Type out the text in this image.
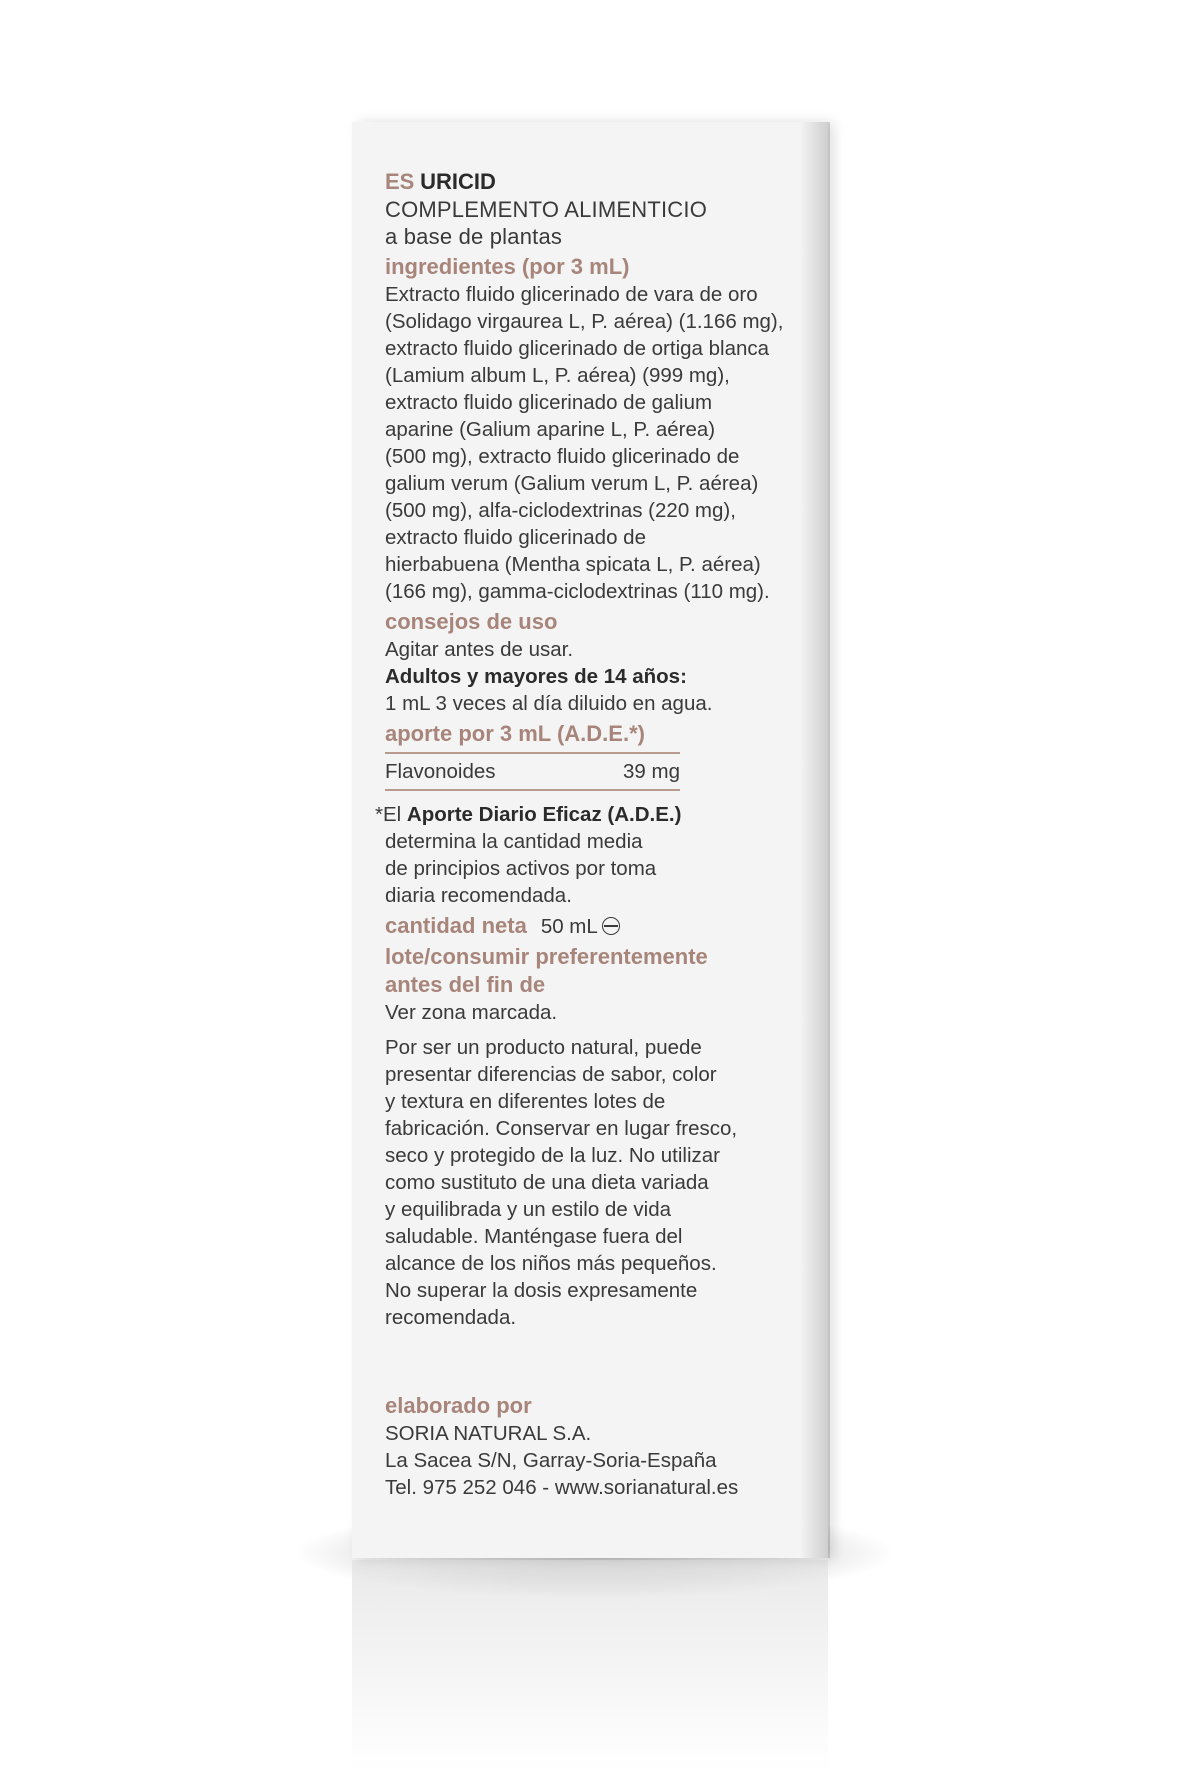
ES URICID
COMPLEMENTO ALIMENTICIO
a base de plantas
ingredientes (por 3 mL)

Extracto fluido glicerinado de vara de oro

(Solidago virgaurea L, P. aérea) (1.166 mg),

extracto fluido glicerinado de ortiga blanca

(Lamium album L, P. aérea) (999 mg),

extracto fluido glicerinado de galium

aparine (Galium aparine L, P. aérea)

(500 mg), extracto fluido glicerinado de

galium verum (Galium verum L, P. aérea)

(500 mg), alfa-ciclodextrinas (220 mg),

extracto fluido glicerinado de

hierbabuena (Mentha spicata L, P. aérea)

(166 mg), gamma-ciclodextrinas (110 mg).

consejos de uso
Agitar antes de usar.
Adultos y mayores de 14 años:
1 mL 3 veces al día diluido en agua.
aporte por 3 mL (A.D.E.*)
Flavonoides	39 mg
*El Aporte Diario Eficaz (A.D.E.)
determina la cantidad media
de principios activos por toma
diaria recomendada.
cantidad neta 50 mL
lote/consumir preferentemente
antes del fin de
Ver zona marcada.

Por ser un producto natural, puede

presentar diferencias de sabor, color

y textura en diferentes lotes de

fabricación. Conservar en lugar fresco,

seco y protegido de la luz. No utilizar

como sustituto de una dieta variada

y equilibrada y un estilo de vida

saludable. Manténgase fuera del

alcance de los niños más pequeños.

No superar la dosis expresamente

recomendada.

elaborado por
SORIA NATURAL S.A.
La Sacea S/N, Garray-Soria-España
Tel. 975 252 046 - www.sorianatural.es
